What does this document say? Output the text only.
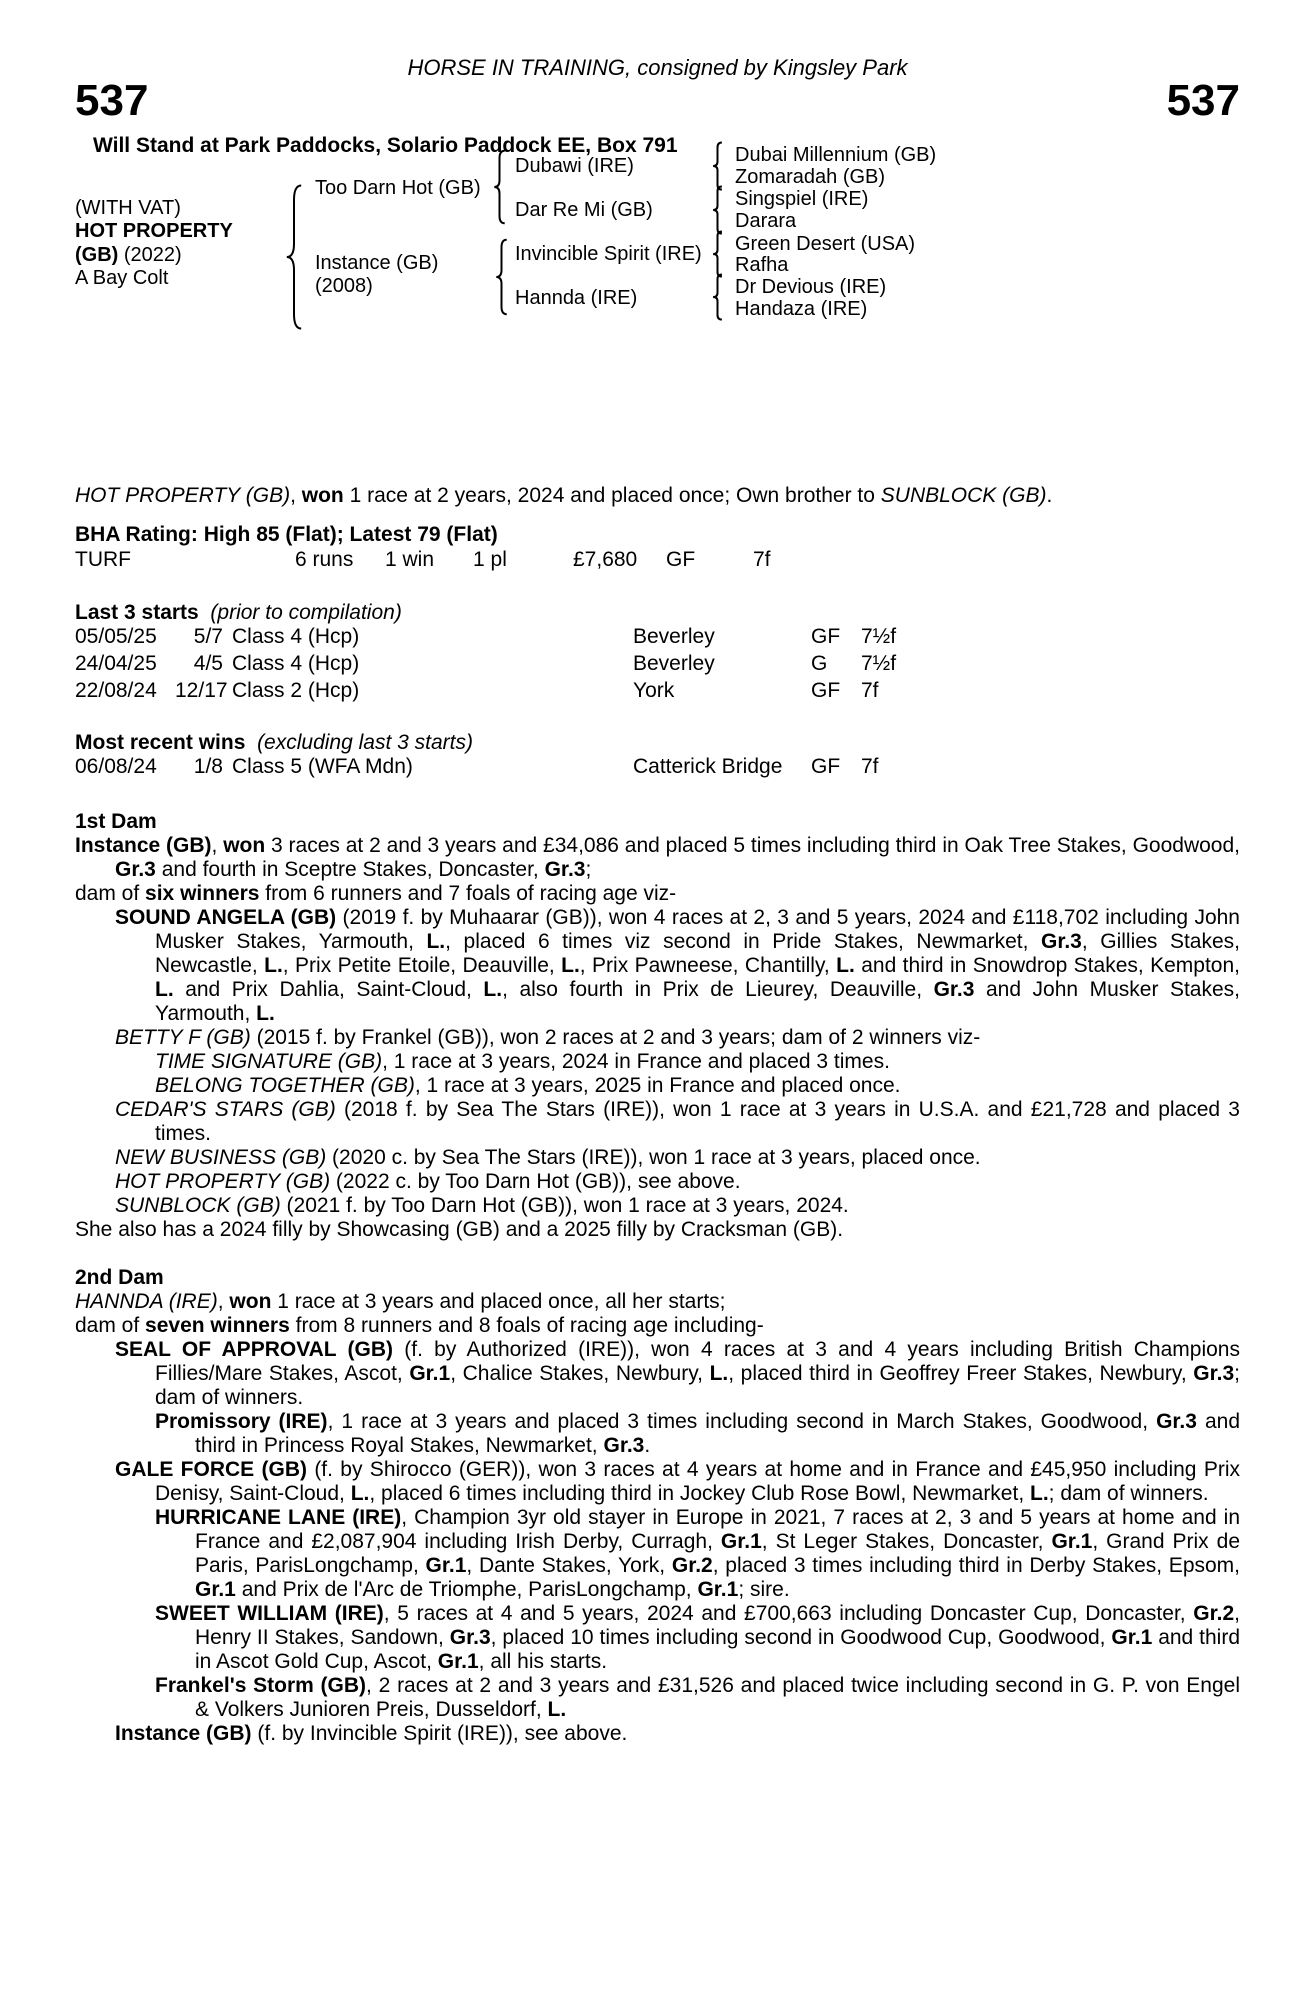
HORSE IN TRAINING, consigned by Kingsley Park
537	537
Will Stand at Park Paddocks, Solario Paddock EE, Box 791
(WITH VAT)
HOT PROPERTY
(GB) (2022)
A Bay Colt
Too Darn Hot (GB)
Instance (GB)
(2008)
Dubawi (IRE)
Dar Re Mi (GB)
Invincible Spirit (IRE)
Hannda (IRE)
Dubai Millennium (GB)
Zomaradah (GB)
Singspiel (IRE)
Darara
Green Desert (USA)
Rafha
Dr Devious (IRE)
Handaza (IRE)

HOT PROPERTY (GB), won 1 race at 2 years, 2024 and placed once; Own brother to SUNBLOCK (GB).

BHA Rating: High 85 (Flat); Latest 79 (Flat)
TURF	6 runs	1 win	1 pl	£7,680	GF	7f
Last 3 starts (prior to compilation)
05/05/25	5/7 Class 4 (Hcp)	Beverley	GF 7½f
24/04/25	4/5 Class 4 (Hcp)	Beverley	G	7½f
22/08/24 12/17 Class 2 (Hcp)	York	GF 7f
Most recent wins (excluding last 3 starts)
06/08/24	1/8 Class 5 (WFA Mdn)	Catterick Bridge	GF 7f
1st Dam

Instance (GB), won 3 races at 2 and 3 years and £34,086 and placed 5 times including third in Oak Tree Stakes, Goodwood, Gr.3 and fourth in Sceptre Stakes, Doncaster, Gr.3;

dam of six winners from 6 runners and 7 foals of racing age viz-

SOUND ANGELA (GB) (2019 f. by Muhaarar (GB)), won 4 races at 2, 3 and 5 years, 2024 and £118,702 including John Musker Stakes, Yarmouth, L., placed 6 times viz second in Pride Stakes, Newmarket, Gr.3, Gillies Stakes, Newcastle, L., Prix Petite Etoile, Deauville, L., Prix Pawneese, Chantilly, L. and third in Snowdrop Stakes, Kempton, L. and Prix Dahlia, Saint-Cloud, L., also fourth in Prix de Lieurey, Deauville, Gr.3 and John Musker Stakes, Yarmouth, L.

BETTY F (GB) (2015 f. by Frankel (GB)), won 2 races at 2 and 3 years; dam of 2 winners viz-

TIME SIGNATURE (GB), 1 race at 3 years, 2024 in France and placed 3 times.

BELONG TOGETHER (GB), 1 race at 3 years, 2025 in France and placed once.

CEDAR'S STARS (GB) (2018 f. by Sea The Stars (IRE)), won 1 race at 3 years in U.S.A. and £21,728 and placed 3 times.

NEW BUSINESS (GB) (2020 c. by Sea The Stars (IRE)), won 1 race at 3 years, placed once.

HOT PROPERTY (GB) (2022 c. by Too Darn Hot (GB)), see above.

SUNBLOCK (GB) (2021 f. by Too Darn Hot (GB)), won 1 race at 3 years, 2024.

She also has a 2024 filly by Showcasing (GB) and a 2025 filly by Cracksman (GB).

2nd Dam

HANNDA (IRE), won 1 race at 3 years and placed once, all her starts;

dam of seven winners from 8 runners and 8 foals of racing age including-

SEAL OF APPROVAL (GB) (f. by Authorized (IRE)), won 4 races at 3 and 4 years including British Champions Fillies/Mare Stakes, Ascot, Gr.1, Chalice Stakes, Newbury, L., placed third in Geoffrey Freer Stakes, Newbury, Gr.3; dam of winners.

Promissory (IRE), 1 race at 3 years and placed 3 times including second in March Stakes, Goodwood, Gr.3 and third in Princess Royal Stakes, Newmarket, Gr.3.

GALE FORCE (GB) (f. by Shirocco (GER)), won 3 races at 4 years at home and in France and £45,950 including Prix Denisy, Saint-Cloud, L., placed 6 times including third in Jockey Club Rose Bowl, Newmarket, L.; dam of winners.

HURRICANE LANE (IRE), Champion 3yr old stayer in Europe in 2021, 7 races at 2, 3 and 5 years at home and in France and £2,087,904 including Irish Derby, Curragh, Gr.1, St Leger Stakes, Doncaster, Gr.1, Grand Prix de Paris, ParisLongchamp, Gr.1, Dante Stakes, York, Gr.2, placed 3 times including third in Derby Stakes, Epsom, Gr.1 and Prix de l'Arc de Triomphe, ParisLongchamp, Gr.1; sire.

SWEET WILLIAM (IRE), 5 races at 4 and 5 years, 2024 and £700,663 including Doncaster Cup, Doncaster, Gr.2, Henry II Stakes, Sandown, Gr.3, placed 10 times including second in Goodwood Cup, Goodwood, Gr.1 and third in Ascot Gold Cup, Ascot, Gr.1, all his starts.

Frankel's Storm (GB), 2 races at 2 and 3 years and £31,526 and placed twice including second in G. P. von Engel & Volkers Junioren Preis, Dusseldorf, L.

Instance (GB) (f. by Invincible Spirit (IRE)), see above.
